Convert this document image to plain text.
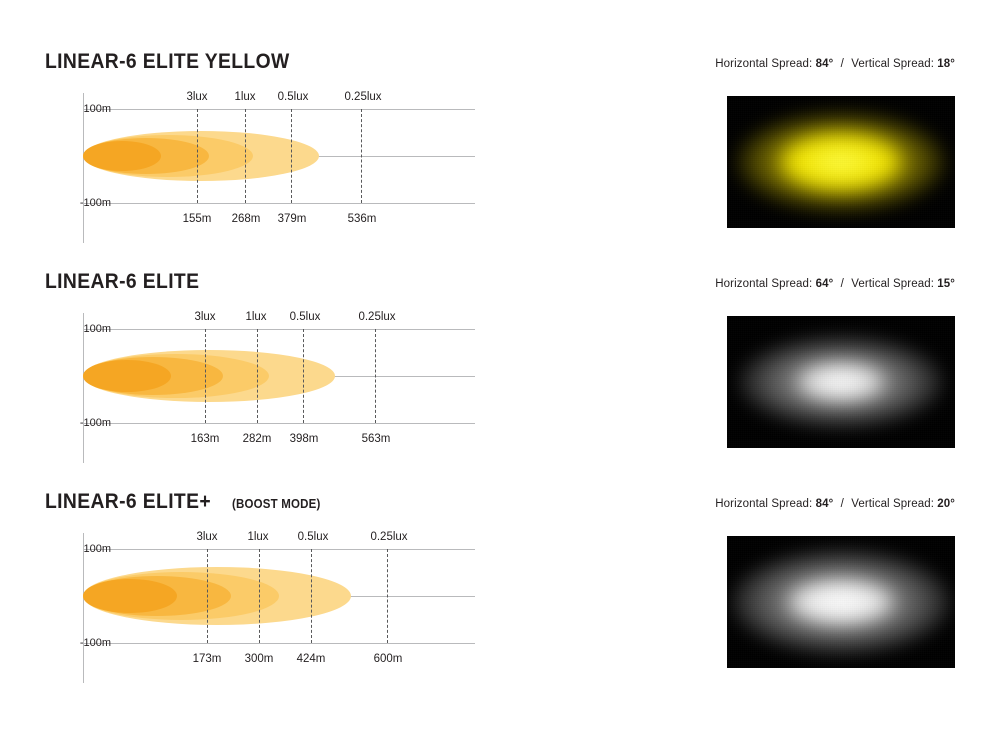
LINEAR-6 ELITE YELLOW	Horizontal Spread: 84° / Vertical Spread: 18°
100m
-100m
3lux 1lux 0.5lux	0.25lux
155m 268m 379m	536m
LINEAR-6 ELITE	Horizontal Spread: 64° / Vertical Spread: 15°
100m
-100m
3lux	1lux 0.5lux	0.25lux
163m 282m 398m	563m
LINEAR-6 ELITE+ (BOOST MODE)	Horizontal Spread: 84° / Vertical Spread: 20°
100m
-100m
3lux	1lux	0.5lux	0.25lux
173m 300m 424m	600m
